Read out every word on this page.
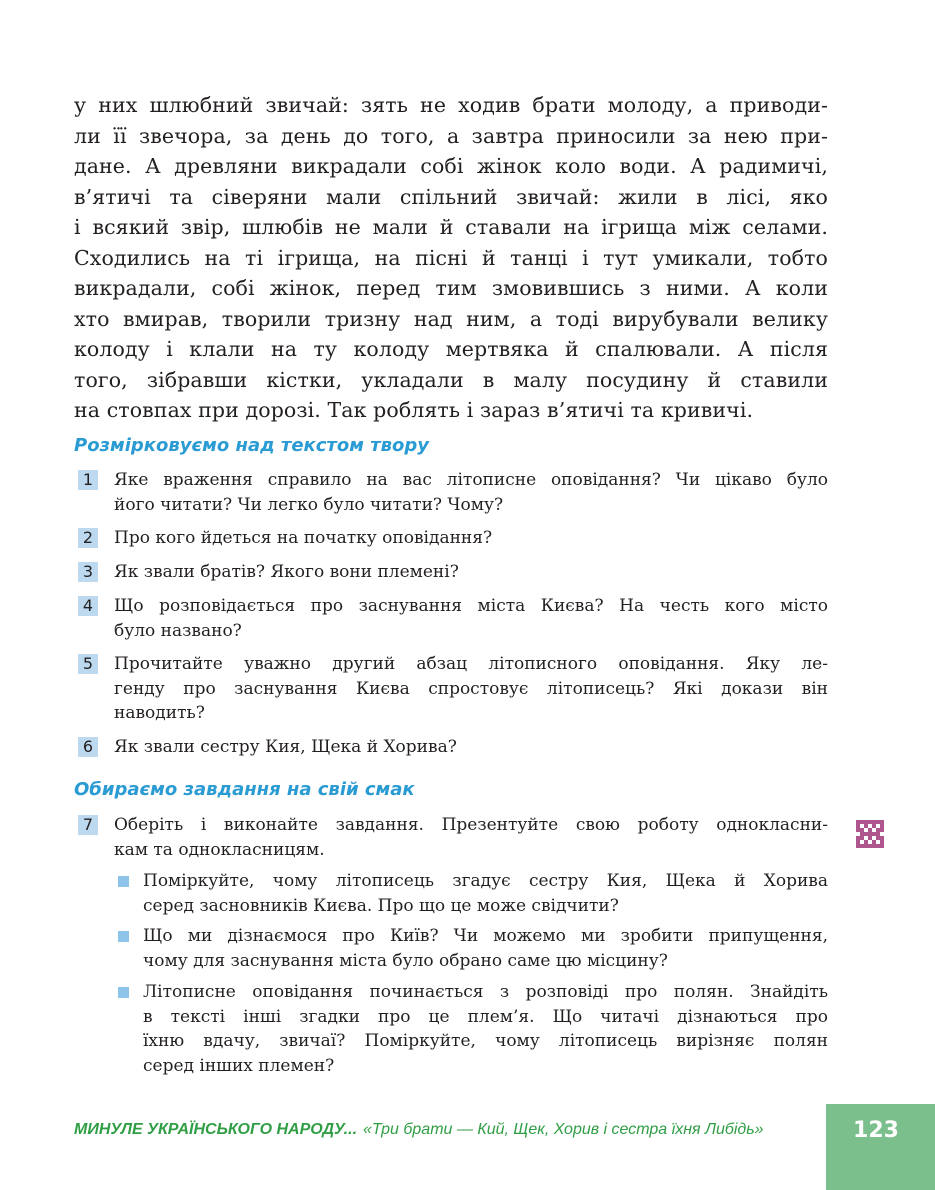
у них шлюбний звичай: зять не ходив брати молоду, а приводи-
ли її звечора, за день до того, а завтра приносили за нею при-
дане. А древляни викрадали собі жінок коло води. А радимичі,
в’ятичі та сіверяни мали спільний звичай: жили в лісі, яко
і всякий звір, шлюбів не мали й ставали на ігрища між селами.
Сходились на ті ігрища, на пісні й танці і тут умикали, тобто
викрадали, собі жінок, перед тим змовившись з ними. А коли
хто вмирав, творили тризну над ним, а тоді вирубували велику
колоду і клали на ту колоду мертвяка й спалювали. А після
того, зібравши кістки, укладали в малу посудину й ставили
на стовпах при дорозі. Так роблять і зараз в’ятичі та кривичі.
Розмірковуємо над текстом твору
1 Яке враження справило на вас літописне оповідання? Чи цікаво було
його читати? Чи легко було читати? Чому?
2 Про кого йдеться на початку оповідання?
3 Як звали братів? Якого вони племені?
4 Що розповідається про заснування міста Києва? На честь кого місто
було названо?
5 Прочитайте уважно другий абзац літописного оповідання. Яку ле-
генду про заснування Києва спростовує літописець? Які докази він
наводить?
6 Як звали сестру Кия, Щека й Хорива?
Обираємо завдання на свій смак
7 Оберіть і виконайте завдання. Презентуйте свою роботу однокласни-
кам та однокласницям.
Поміркуйте, чому літописець згадує сестру Кия, Щека й Хорива
серед засновників Києва. Про що це може свідчити?
Що ми дізнаємося про Київ? Чи можемо ми зробити припущення,
чому для заснування міста було обрано саме цю місцину?
Літописне оповідання починається з розповіді про полян. Знайдіть
в тексті інші згадки про це плем’я. Що читачі дізнаються про
їхню вдачу, звичаї? Поміркуйте, чому літописець вирізняє полян
серед інших племен?
МИНУЛЕ УКРАЇНСЬКОГО НАРОДУ... «Три брати — Кий, Щек, Хорив і сестра їхня Либідь»	123
